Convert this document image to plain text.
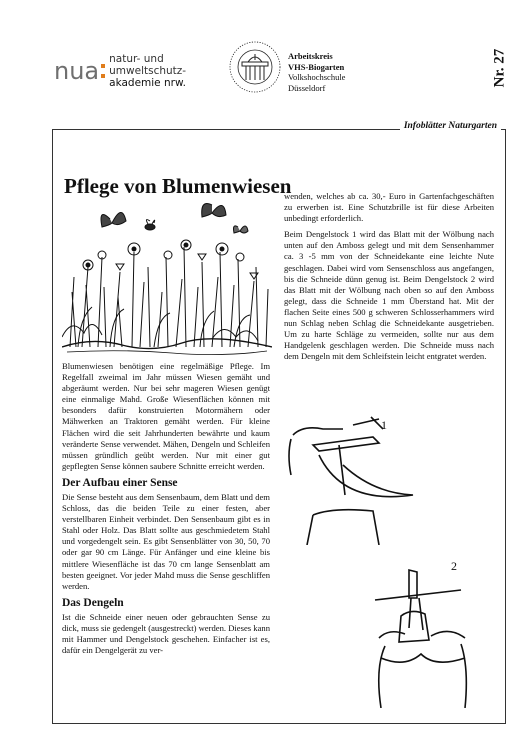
nua natur- und
umweltschutz-
akademie nrw.
Arbeitskreis
VHS-Biogarten
Volkshochschule
Düsseldorf
Nr. 27
Infoblätter Naturgarten
Pflege von Blumenwiesen

Blumenwiesen benötigen eine regelmäßige Pflege. Im Regelfall zweimal im Jahr müssen Wiesen gemäht und abgeräumt werden. Nur bei sehr mageren Wiesen genügt eine einmalige Mahd. Große Wiesenflächen können mit besonders dafür konstruierten Motormähern oder Mähwerken an Traktoren gemäht werden. Für kleine Flächen wird die seit Jahrhunderten bewährte und kaum veränderte Sense verwendet. Mähen, Dengeln und Schleifen müssen gründlich geübt werden. Nur mit einer gut gepflegten Sense können saubere Schnitte erreicht werden.

Der Aufbau einer Sense

Die Sense besteht aus dem Sensenbaum, dem Blatt und dem Schloss, das die beiden Teile zu einer festen, aber verstellbaren Einheit verbindet. Den Sensenbaum gibt es in Stahl oder Holz. Das Blatt sollte aus geschmiedetem Stahl und vorgedengelt sein. Es gibt Sensenblätter von 30, 50, 70 oder gar 90 cm Länge. Für Anfänger und eine kleine bis mittlere Wiesenfläche ist das 70 cm lange Sensenblatt am besten geeignet. Vor jeder Mahd muss die Sense geschliffen werden.

Das Dengeln

Ist die Schneide einer neuen oder gebrauchten Sense zu dick, muss sie gedengelt (ausgestreckt) werden. Dieses kann mit Hammer und Dengelstock geschehen. Einfacher ist es, dafür ein Dengelgerät zu ver-

wenden, welches ab ca. 30,- Euro in Gartenfachgeschäften zu erwerben ist. Eine Schutzbrille ist für diese Arbeiten unbedingt erforderlich.

Beim Dengelstock 1 wird das Blatt mit der Wölbung nach unten auf den Amboss gelegt und mit dem Sensenhammer ca. 3 -5 mm von der Schneidekante eine leichte Nute geschlagen. Dabei wird vom Sensenschloss aus angefangen, bis die Schneide dünn genug ist. Beim Dengelstock 2 wird das Blatt mit der Wölbung nach oben so auf den Amboss gelegt, dass die Schneide 1 mm Überstand hat. Mit der flachen Seite eines 500 g schweren Schlosserhammers wird nun Schlag neben Schlag die Schneidekante ausgetrieben. Um zu harte Schläge zu vermeiden, sollte nur aus dem Handgelenk geschlagen werden. Die Schneide muss nach dem Dengeln mit dem Schleifstein leicht entgratet werden.

1
2
